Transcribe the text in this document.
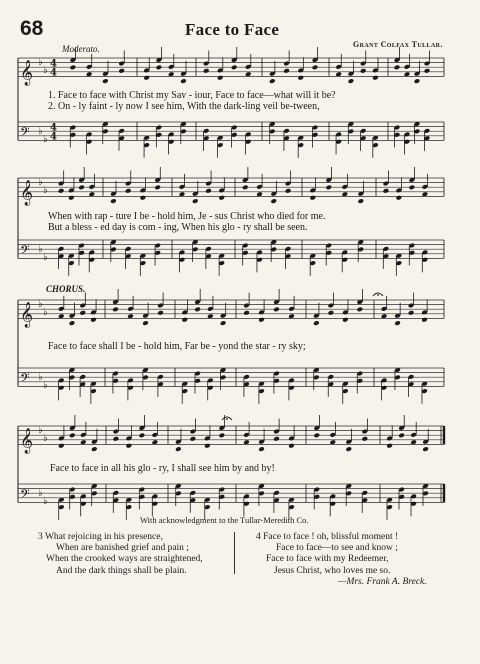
68	Face to Face
Grant Colfax Tullar.
Moderato.
CHORUS.
𝄞 ♭
♭
4
4
𝄢 ♭
♭
4
4
𝄞 ♭
♭
𝄢 ♭
♭
𝄞 ♭
♭
𝄢 ♭
♭
𝄞 ♭
♭
𝄢 ♭
♭
1. Face to face with Christ my Sav - iour, Face to face—what will it be?
2. On - ly faint - ly now I see him, With the dark-ling veil be-tween,
When with rap - ture I be - hold him, Je - sus Christ who died for me.
But a bless - ed day is com - ing, When his glo - ry shall be seen.
Face to face shall I be - hold him, Far be - yond the star - ry sky;
Face to face in all his glo - ry, I shall see him by and by!
With acknowledgment to the Tullar-Meredith Co.
3 What rejoicing in his presence,
When are banished grief and pain ;
When the crooked ways are straightened,
And the dark things shall be plain.
4 Face to face ! oh, blissful moment !
Face to face—to see and know ;
Face to face with my Redeemer,
Jesus Christ, who loves me so.
—Mrs. Frank A. Breck.
